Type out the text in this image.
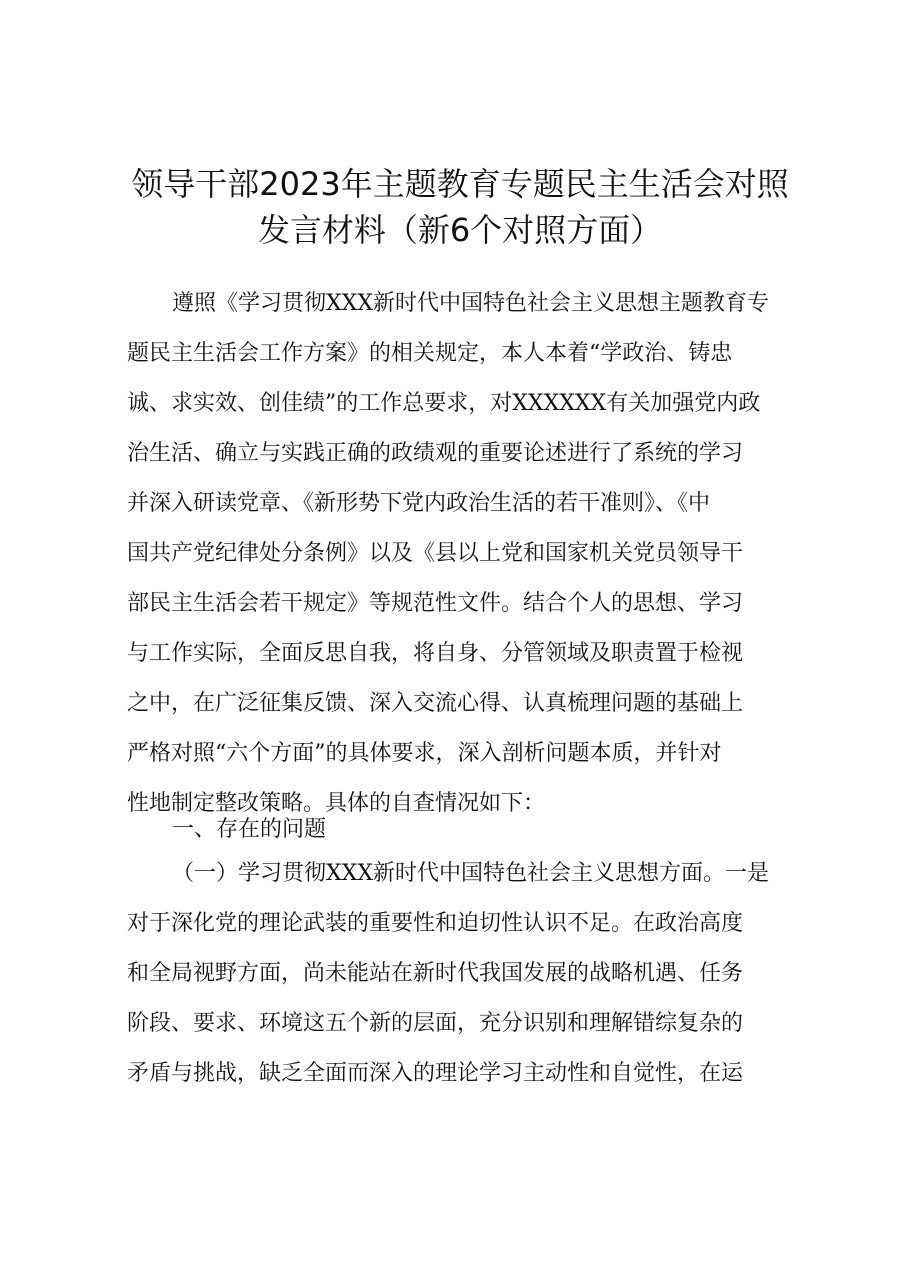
领导干部2023年主题教育专题民主生活会对照
发言材料（新6个对照方面）
遵照《学习贯彻XXX新时代中国特色社会主义思想主题教育专
题民主生活会工作方案》的相关规定，本人本着“学政治、铸忠
诚、求实效、创佳绩”的工作总要求，对XXXXXX有关加强党内政
治生活、确立与实践正确的政绩观的重要论述进行了系统的学习
并深入研读党章、《新形势下党内政治生活的若干准则》、《中
国共产党纪律处分条例》以及《县以上党和国家机关党员领导干
部民主生活会若干规定》等规范性文件。结合个人的思想、学习
与工作实际，全面反思自我，将自身、分管领域及职责置于检视
之中，在广泛征集反馈、深入交流心得、认真梳理问题的基础上
严格对照“六个方面”的具体要求，深入剖析问题本质，并针对
性地制定整改策略。具体的自查情况如下：
一、存在的问题
（一）学习贯彻XXX新时代中国特色社会主义思想方面。一是
对于深化党的理论武装的重要性和迫切性认识不足。在政治高度
和全局视野方面，尚未能站在新时代我国发展的战略机遇、任务
阶段、要求、环境这五个新的层面，充分识别和理解错综复杂的
矛盾与挑战，缺乏全面而深入的理论学习主动性和自觉性，在运
